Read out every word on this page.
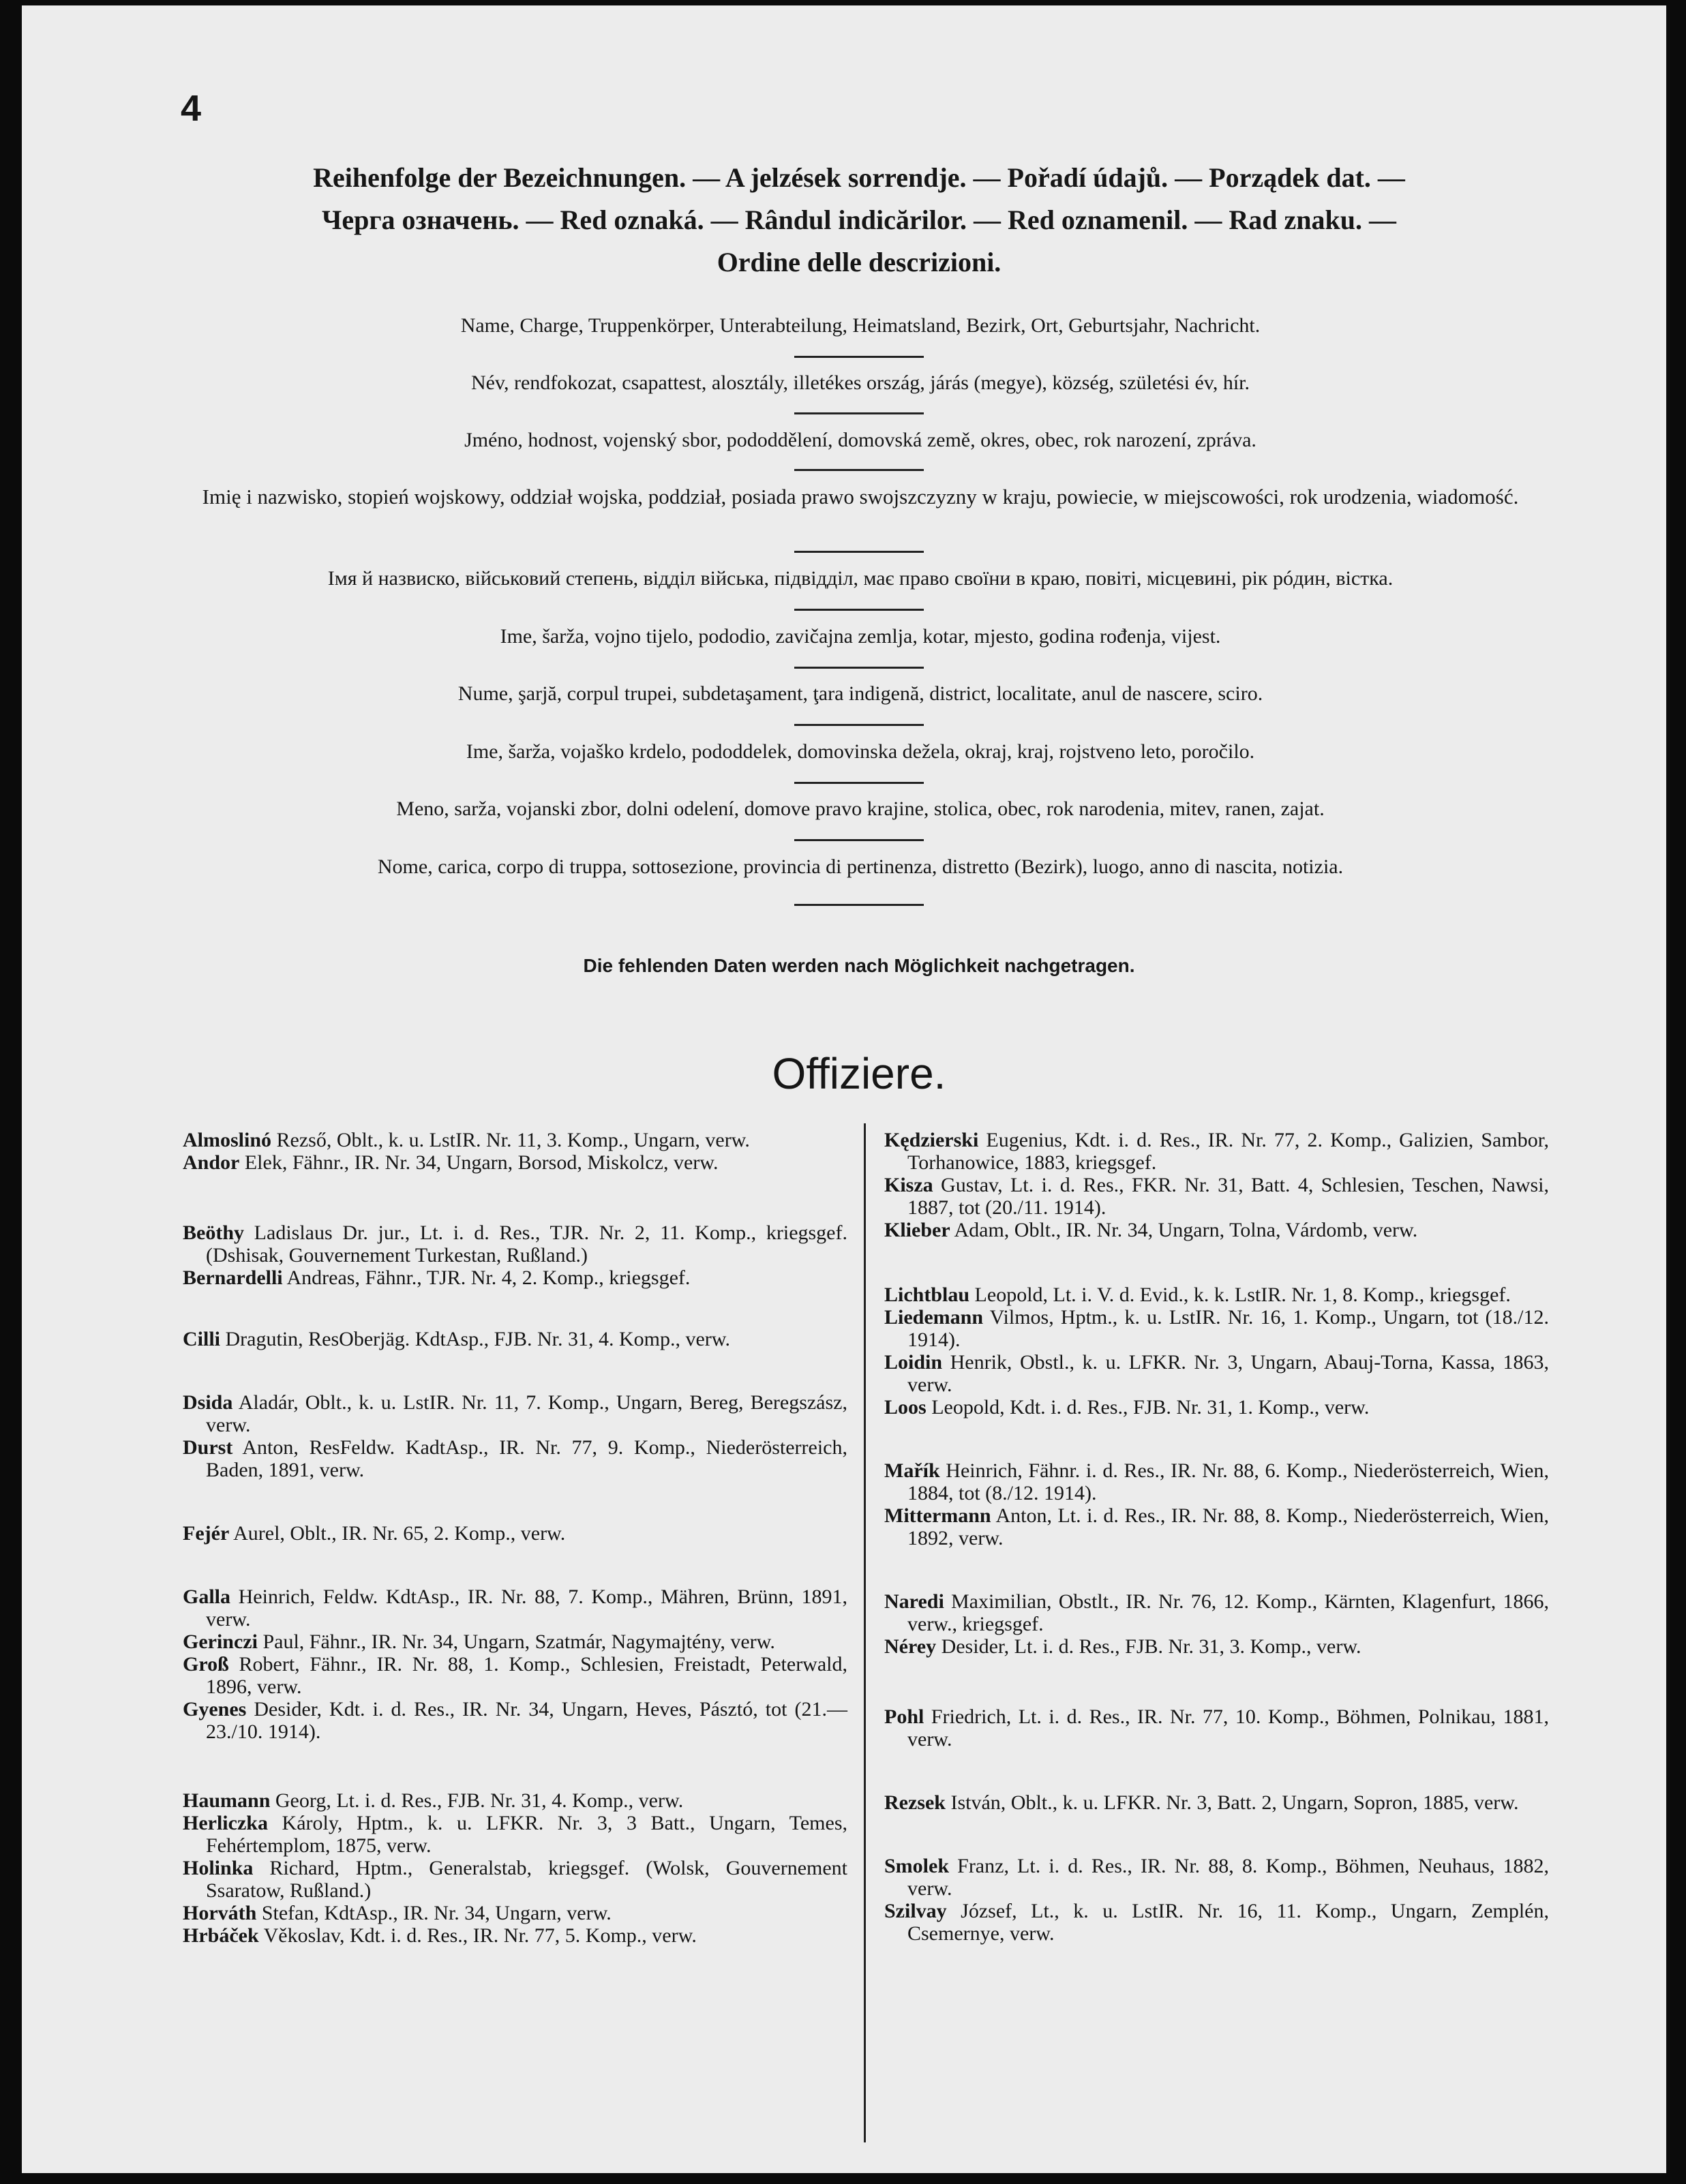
4
Reihenfolge der Bezeichnungen. — A jelzések sorrendje. — Pořadí údajů. — Porządek dat. —
Черга означень. — Red oznaká. — Rândul indicărilor. — Red oznamenil. — Rad znaku. —
Ordine delle descrizioni.
Name, Charge, Truppenkörper, Unterabteilung, Heimatsland, Bezirk, Ort, Geburtsjahr, Nachricht.
Név, rendfokozat, csapattest, alosztály, illetékes ország, járás (megye), község, születési év, hír.
Jméno, hodnost, vojenský sbor, pododdělení, domovská země, okres, obec, rok narození, zpráva.
Imię i nazwisko, stopień wojskowy, oddział wojska, poddział, posiada prawo swojszczyzny w kraju, powiecie, w miejscowości, rok urodzenia, wiadomość.
Імя й назвиско, військовий степень, відділ війська, підвідділ, має право своїни в краю, повіті, місцевині, рік рóдин, вістка.
Ime, šarža, vojno tijelo, pododio, zavičajna zemlja, kotar, mjesto, godina rođenja, vijest.
Nume, şarjă, corpul trupei, subdetaşament, ţara indigenă, district, localitate, anul de nascere, sciro.
Ime, šarža, vojaško krdelo, pododdelek, domovinska dežela, okraj, kraj, rojstveno leto, poročilo.
Meno, sarža, vojanski zbor, dolni odelení, domove pravo krajine, stolica, obec, rok narodenia, mitev, ranen, zajat.
Nome, carica, corpo di truppa, sottosezione, provincia di pertinenza, distretto (Bezirk), luogo, anno di nascita, notizia.
Die fehlenden Daten werden nach Möglichkeit nachgetragen.
Offiziere.

Almoslinó Rezső, Oblt., k. u. LstIR. Nr. 11, 3. Komp., Ungarn, verw.

Andor Elek, Fähnr., IR. Nr. 34, Ungarn, Borsod, Miskolcz, verw.

Beöthy Ladislaus Dr. jur., Lt. i. d. Res., TJR. Nr. 2, 11. Komp., kriegsgef. (Dshisak, Gouvernement Turkestan, Rußland.)

Bernardelli Andreas, Fähnr., TJR. Nr. 4, 2. Komp., kriegsgef.

Cilli Dragutin, ResOberjäg. KdtAsp., FJB. Nr. 31, 4. Komp., verw.

Dsida Aladár, Oblt., k. u. LstIR. Nr. 11, 7. Komp., Ungarn, Bereg, Beregszász, verw.

Durst Anton, ResFeldw. KadtAsp., IR. Nr. 77, 9. Komp., Niederösterreich, Baden, 1891, verw.

Fejér Aurel, Oblt., IR. Nr. 65, 2. Komp., verw.

Galla Heinrich, Feldw. KdtAsp., IR. Nr. 88, 7. Komp., Mähren, Brünn, 1891, verw.

Gerinczi Paul, Fähnr., IR. Nr. 34, Ungarn, Szatmár, Nagymajtény, verw.

Groß Robert, Fähnr., IR. Nr. 88, 1. Komp., Schlesien, Freistadt, Peterwald, 1896, verw.

Gyenes Desider, Kdt. i. d. Res., IR. Nr. 34, Ungarn, Heves, Pásztó, tot (21.—23./10. 1914).

Haumann Georg, Lt. i. d. Res., FJB. Nr. 31, 4. Komp., verw.

Herliczka Károly, Hptm., k. u. LFKR. Nr. 3, 3 Batt., Ungarn, Temes, Fehértemplom, 1875, verw.

Holinka Richard, Hptm., Generalstab, kriegsgef. (Wolsk, Gouvernement Ssaratow, Rußland.)

Horváth Stefan, KdtAsp., IR. Nr. 34, Ungarn, verw.

Hrbáček Věkoslav, Kdt. i. d. Res., IR. Nr. 77, 5. Komp., verw.

Kędzierski Eugenius, Kdt. i. d. Res., IR. Nr. 77, 2. Komp., Galizien, Sambor, Torhanowice, 1883, kriegsgef.

Kisza Gustav, Lt. i. d. Res., FKR. Nr. 31, Batt. 4, Schlesien, Teschen, Nawsi, 1887, tot (20./11. 1914).

Klieber Adam, Oblt., IR. Nr. 34, Ungarn, Tolna, Várdomb, verw.

Lichtblau Leopold, Lt. i. V. d. Evid., k. k. LstIR. Nr. 1, 8. Komp., kriegsgef.

Liedemann Vilmos, Hptm., k. u. LstIR. Nr. 16, 1. Komp., Ungarn, tot (18./12. 1914).

Loidin Henrik, Obstl., k. u. LFKR. Nr. 3, Ungarn, Abauj-Torna, Kassa, 1863, verw.

Loos Leopold, Kdt. i. d. Res., FJB. Nr. 31, 1. Komp., verw.

Mařík Heinrich, Fähnr. i. d. Res., IR. Nr. 88, 6. Komp., Niederösterreich, Wien, 1884, tot (8./12. 1914).

Mittermann Anton, Lt. i. d. Res., IR. Nr. 88, 8. Komp., Niederösterreich, Wien, 1892, verw.

Naredi Maximilian, Obstlt., IR. Nr. 76, 12. Komp., Kärnten, Klagenfurt, 1866, verw., kriegsgef.

Nérey Desider, Lt. i. d. Res., FJB. Nr. 31, 3. Komp., verw.

Pohl Friedrich, Lt. i. d. Res., IR. Nr. 77, 10. Komp., Böhmen, Polnikau, 1881, verw.

Rezsek István, Oblt., k. u. LFKR. Nr. 3, Batt. 2, Ungarn, Sopron, 1885, verw.

Smolek Franz, Lt. i. d. Res., IR. Nr. 88, 8. Komp., Böhmen, Neuhaus, 1882, verw.

Szilvay József, Lt., k. u. LstIR. Nr. 16, 11. Komp., Ungarn, Zemplén, Csemernye, verw.
